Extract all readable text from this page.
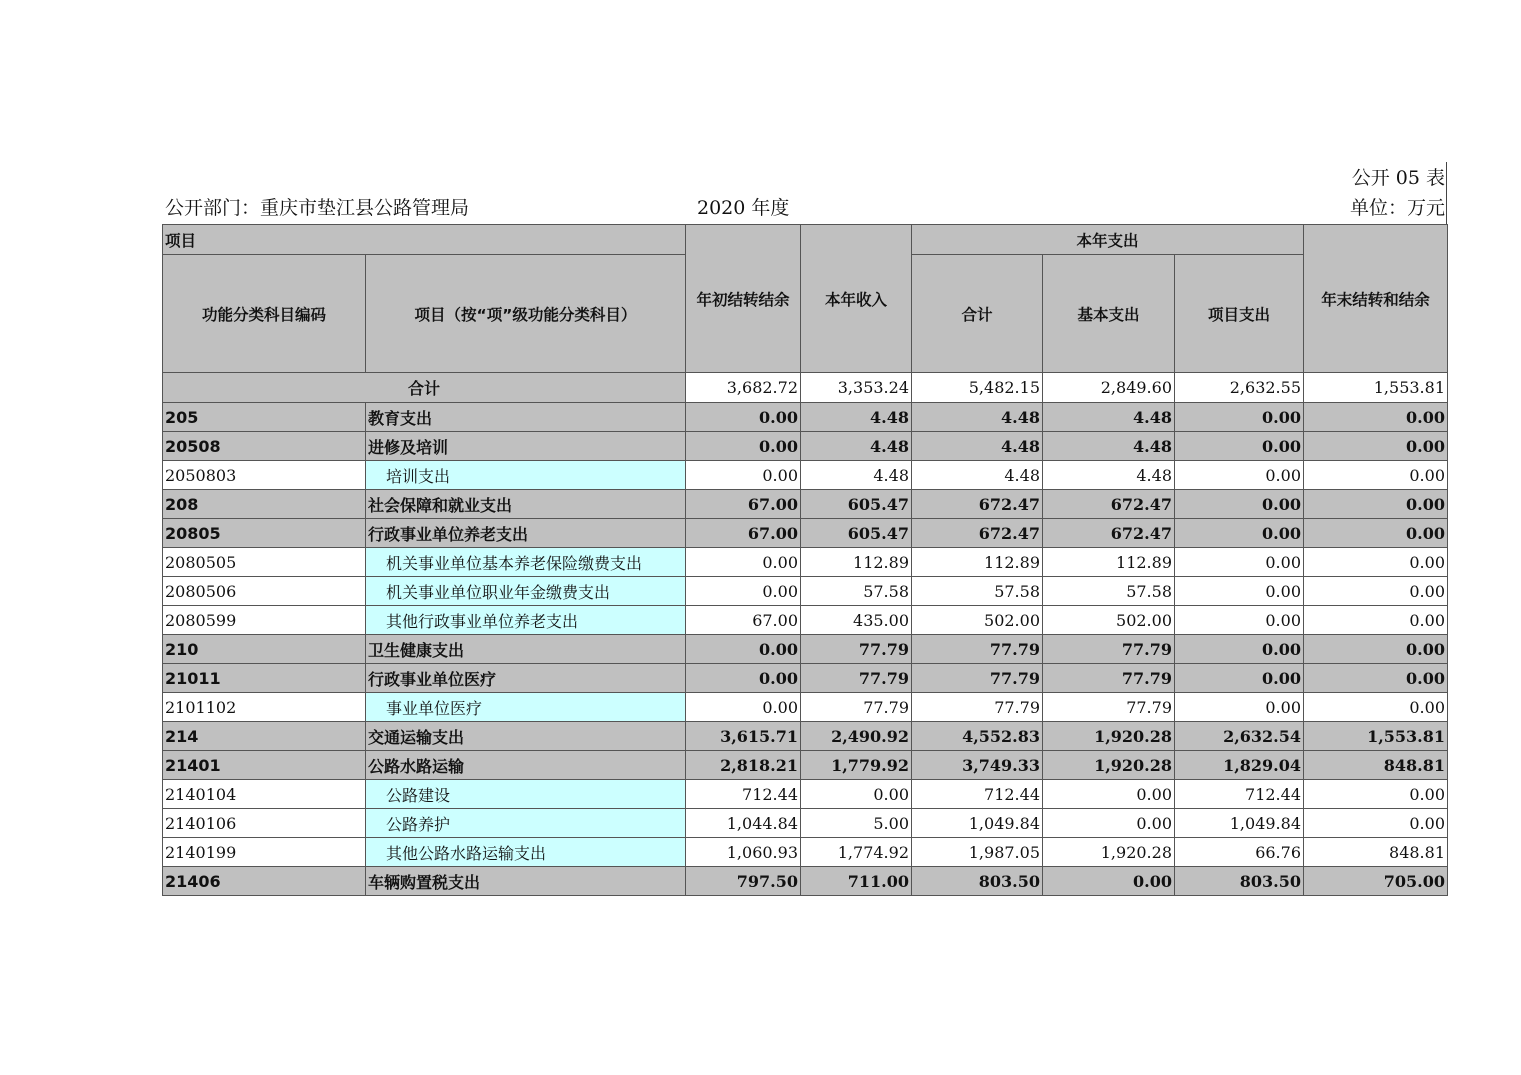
公开 05 表
公开部门：重庆市垫江县公路管理局	2020 年度	单位：万元
项目		年初结转结余	本年收入	本年支出			年末结转和结余
功能分类科目编码	项目（按“项”级功能分类科目）			合计	基本支出	项目支出	
合计		3,682.72	3,353.24	5,482.15	2,849.60	2,632.55	1,553.81
205	教育支出	0.00	4.48	4.48	4.48	0.00	0.00
20508	进修及培训	0.00	4.48	4.48	4.48	0.00	0.00
2050803	培训支出	0.00	4.48	4.48	4.48	0.00	0.00
208	社会保障和就业支出	67.00	605.47	672.47	672.47	0.00	0.00
20805	行政事业单位养老支出	67.00	605.47	672.47	672.47	0.00	0.00
2080505	机关事业单位基本养老保险缴费支出	0.00	112.89	112.89	112.89	0.00	0.00
2080506	机关事业单位职业年金缴费支出	0.00	57.58	57.58	57.58	0.00	0.00
2080599	其他行政事业单位养老支出	67.00	435.00	502.00	502.00	0.00	0.00
210	卫生健康支出	0.00	77.79	77.79	77.79	0.00	0.00
21011	行政事业单位医疗	0.00	77.79	77.79	77.79	0.00	0.00
2101102	事业单位医疗	0.00	77.79	77.79	77.79	0.00	0.00
214	交通运输支出	3,615.71	2,490.92	4,552.83	1,920.28	2,632.54	1,553.81
21401	公路水路运输	2,818.21	1,779.92	3,749.33	1,920.28	1,829.04	848.81
2140104	公路建设	712.44	0.00	712.44	0.00	712.44	0.00
2140106	公路养护	1,044.84	5.00	1,049.84	0.00	1,049.84	0.00
2140199	其他公路水路运输支出	1,060.93	1,774.92	1,987.05	1,920.28	66.76	848.81
21406	车辆购置税支出	797.50	711.00	803.50	0.00	803.50	705.00
